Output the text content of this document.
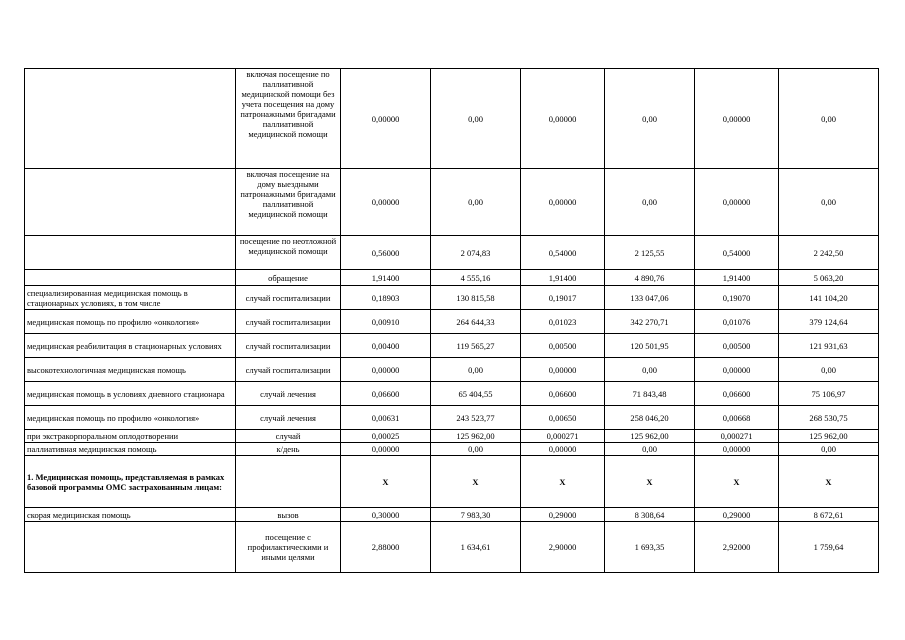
	включая посещение по паллиативной медицинской помощи без учета посещения на дому патронажными бригадами паллиативной медицинской помощи	0,00000	0,00	0,00000	0,00	0,00000	0,00
	включая посещение на дому выездными патронажными бригадами паллиативной медицинской помощи	0,00000	0,00	0,00000	0,00	0,00000	0,00
	посещение по неотложной медицинской помощи	0,56000	2 074,83	0,54000	2 125,55	0,54000	2 242,50
	обращение	1,91400	4 555,16	1,91400	4 890,76	1,91400	5 063,20
специализированная медицинская помощь в стационарных условиях, в том числе	случай госпитализации	0,18903	130 815,58	0,19017	133 047,06	0,19070	141 104,20
медицинская помощь по профилю «онкология»	случай госпитализации	0,00910	264 644,33	0,01023	342 270,71	0,01076	379 124,64
медицинская реабилитация в стационарных условиях	случай госпитализации	0,00400	119 565,27	0,00500	120 501,95	0,00500	121 931,63
высокотехнологичная медицинская помощь	случай госпитализации	0,00000	0,00	0,00000	0,00	0,00000	0,00
медицинская помощь в условиях дневного стационара	случай лечения	0,06600	65 404,55	0,06600	71 843,48	0,06600	75 106,97
медицинская помощь по профилю «онкология»	случай лечения	0,00631	243 523,77	0,00650	258 046,20	0,00668	268 530,75
при экстракорпоральном оплодотворении	случай	0,00025	125 962,00	0,000271	125 962,00	0,000271	125 962,00
паллиативная медицинская помощь	к/день	0,00000	0,00	0,00000	0,00	0,00000	0,00
1. Медицинская помощь, представляемая в рамках базовой программы ОМС застрахованным лицам:		X	X	X	X	X	X
скорая медицинская помощь	вызов	0,30000	7 983,30	0,29000	8 308,64	0,29000	8 672,61
	посещение с профилактическими и иными целями	2,88000	1 634,61	2,90000	1 693,35	2,92000	1 759,64
